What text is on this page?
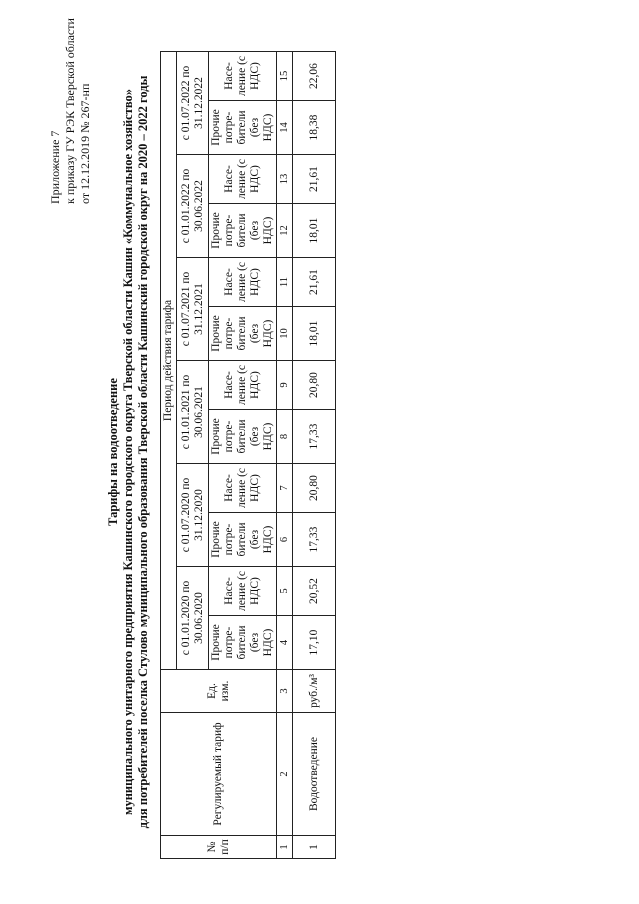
Приложение 7 к приказу ГУ РЭК Тверской области от 12.12.2019 № 267-нп
Тарифы на водоотведение муниципального унитарного предприятия Кашинского городского округа Тверской области Кашин «Коммунальное хозяйство» для потребителей поселка Стулово муниципального образования Тверской области Кашинский городской округ на 2020 – 2022 годы
№ п/п	Регулируемый тариф	Ед. изм.	Период действия тарифа											
			с 01.01.2020 по 30.06.2020		с 01.07.2020 по 31.12.2020		с 01.01.2021 по 30.06.2021		с 01.07.2021 по 31.12.2021		с 01.01.2022 по 30.06.2022		с 01.07.2022 по 31.12.2022	
			Прочие потре-бители (без НДС)	Насе-ление (с НДС)	Прочие потре-бители (без НДС)	Насе-ление (с НДС)	Прочие потре-бители (без НДС)	Насе-ление (с НДС)	Прочие потре-бители (без НДС)	Насе-ление (с НДС)	Прочие потре-бители (без НДС)	Насе-ление (с НДС)	Прочие потре-бители (без НДС)	Насе-ление (с НДС)
1	2	3	4	5	6	7	8	9	10	11	12	13	14	15
1	Водоотведение	руб./м³	17,10	20,52	17,33	20,80	17,33	20,80	18,01	21,61	18,01	21,61	18,38	22,06
